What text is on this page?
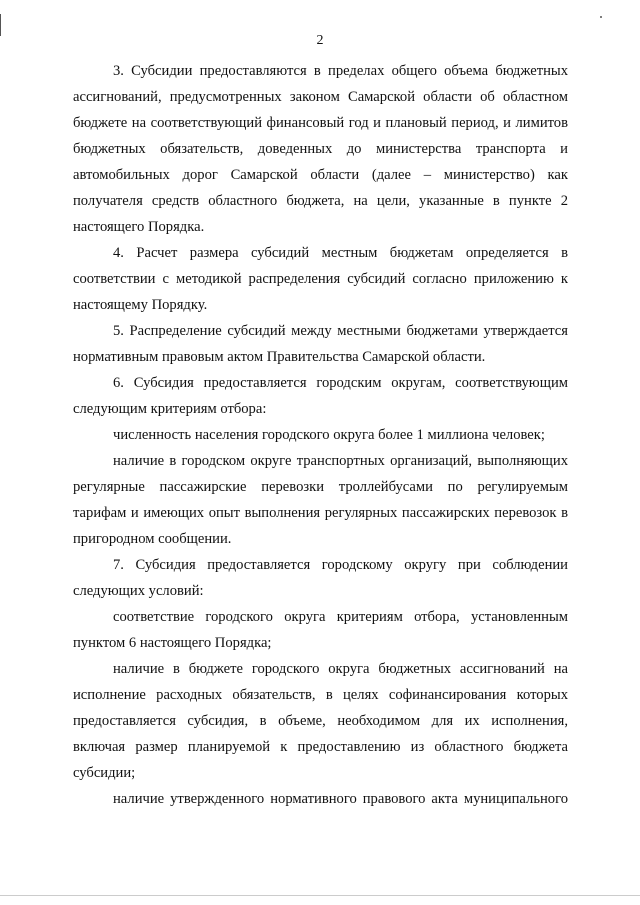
2

3. Субсидии предоставляются в пределах общего объема бюджетных ассигнований, предусмотренных законом Самарской области об областном бюджете на соответствующий финансовый год и плановый период, и лимитов бюджетных обязательств, доведенных до министерства транспорта и автомобильных дорог Самарской области (далее – министерство) как получателя средств областного бюджета, на цели, указанные в пункте 2 настоящего Порядка.

4. Расчет размера субсидий местным бюджетам определяется в соответствии с методикой распределения субсидий согласно приложению к настоящему Порядку.

5. Распределение субсидий между местными бюджетами утверждается нормативным правовым актом Правительства Самарской области.

6. Субсидия предоставляется городским округам, соответствующим следующим критериям отбора:

численность населения городского округа более 1 миллиона человек;

наличие в городском округе транспортных организаций, выполняющих регулярные пассажирские перевозки троллейбусами по регулируемым тарифам и имеющих опыт выполнения регулярных пассажирских перевозок в пригородном сообщении.

7. Субсидия предоставляется городскому округу при соблюдении следующих условий:

соответствие городского округа критериям отбора, установленным пунктом 6 настоящего Порядка;

наличие в бюджете городского округа бюджетных ассигнований на исполнение расходных обязательств, в целях софинансирования которых предоставляется субсидия, в объеме, необходимом для их исполнения, включая размер планируемой к предоставлению из областного бюджета субсидии;

наличие утвержденного нормативного правового акта муниципального
